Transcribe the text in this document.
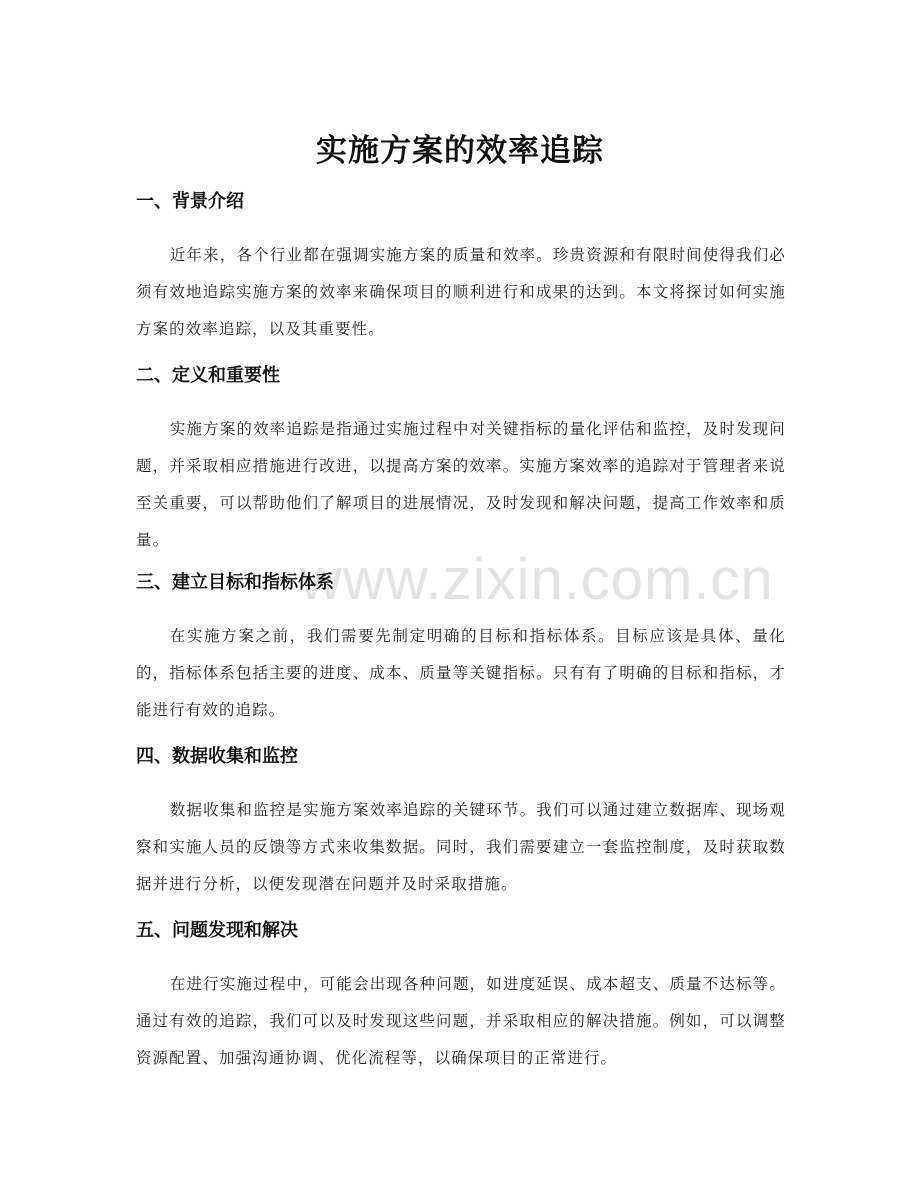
www.zixin.com.cn
实施方案的效率追踪
一、背景介绍

近年来，各个行业都在强调实施方案的质量和效率。珍贵资源和有限时间使得我们必须有效地追踪实施方案的效率来确保项目的顺利进行和成果的达到。本文将探讨如何实施方案的效率追踪，以及其重要性。

二、定义和重要性

实施方案的效率追踪是指通过实施过程中对关键指标的量化评估和监控，及时发现问题，并采取相应措施进行改进，以提高方案的效率。实施方案效率的追踪对于管理者来说至关重要，可以帮助他们了解项目的进展情况，及时发现和解决问题，提高工作效率和质量。

三、建立目标和指标体系

在实施方案之前，我们需要先制定明确的目标和指标体系。目标应该是具体、量化的，指标体系包括主要的进度、成本、质量等关键指标。只有有了明确的目标和指标，才能进行有效的追踪。

四、数据收集和监控

数据收集和监控是实施方案效率追踪的关键环节。我们可以通过建立数据库、现场观察和实施人员的反馈等方式来收集数据。同时，我们需要建立一套监控制度，及时获取数据并进行分析，以便发现潜在问题并及时采取措施。

五、问题发现和解决

在进行实施过程中，可能会出现各种问题，如进度延误、成本超支、质量不达标等。通过有效的追踪，我们可以及时发现这些问题，并采取相应的解决措施。例如，可以调整资源配置、加强沟通协调、优化流程等，以确保项目的正常进行。
